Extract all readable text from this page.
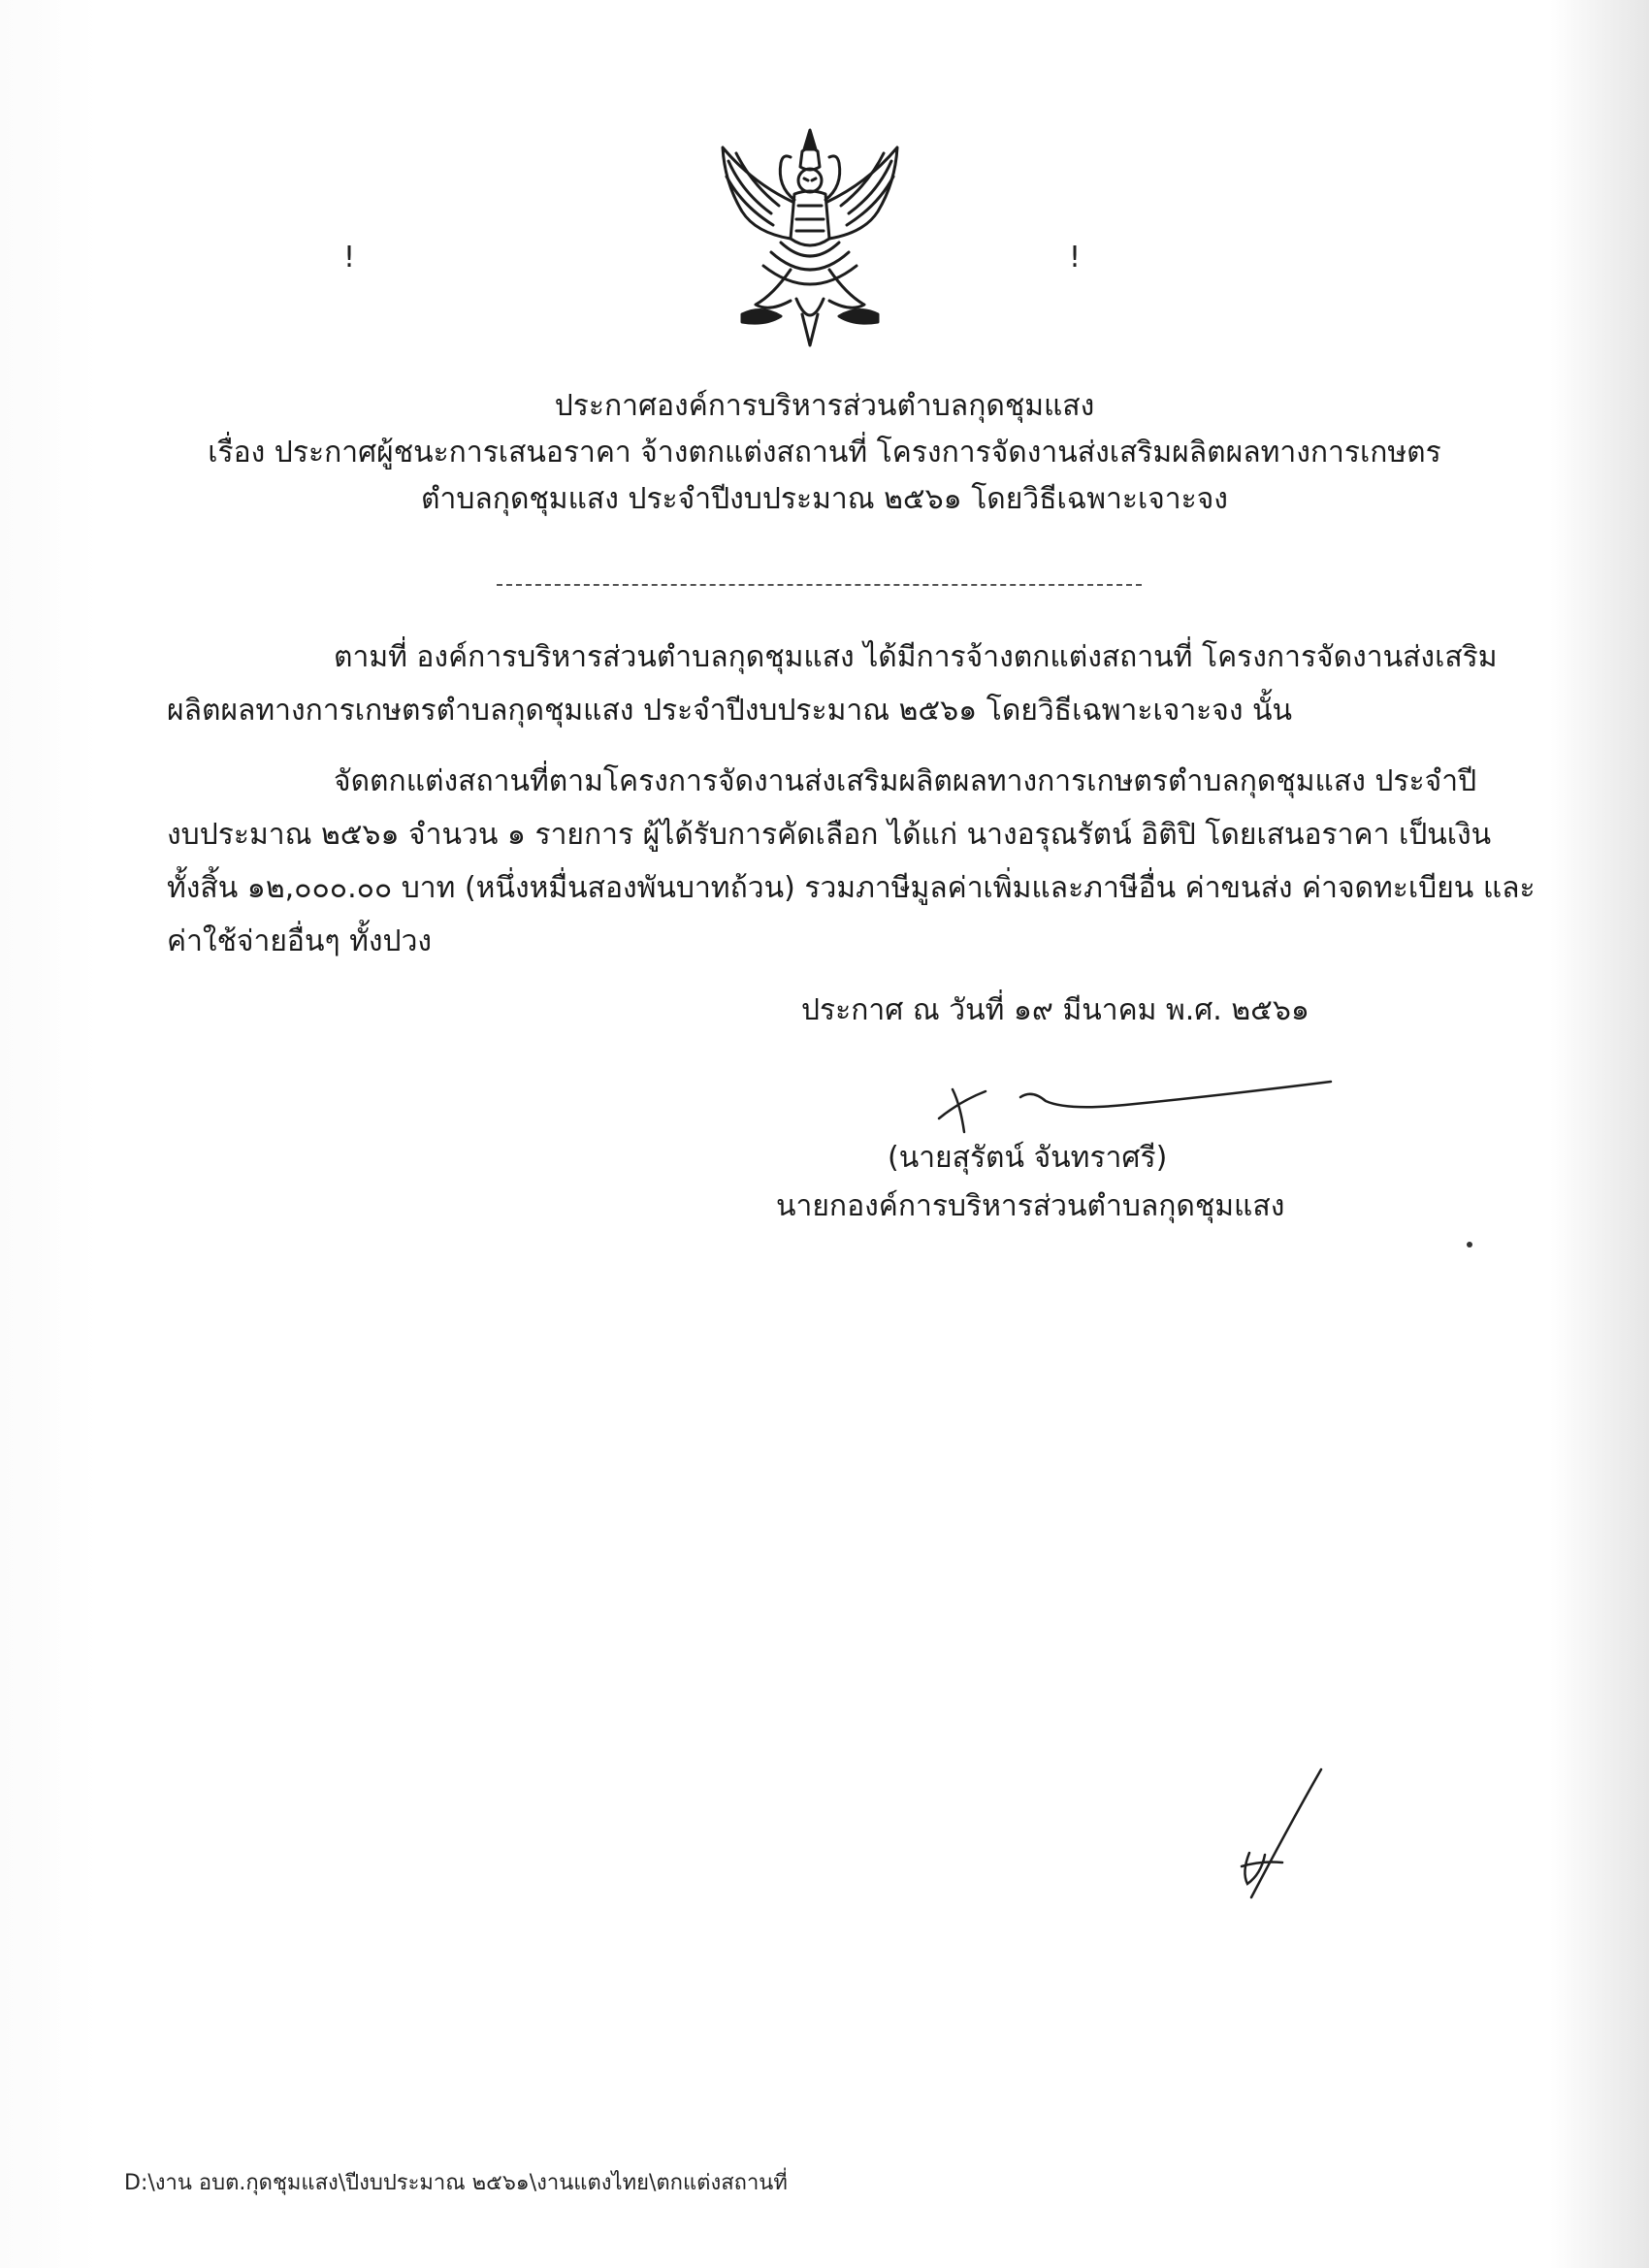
!	!
ประกาศองค์การบริหารส่วนตำบลกุดชุมแสง
เรื่อง ประกาศผู้ชนะการเสนอราคา จ้างตกแต่งสถานที่ โครงการจัดงานส่งเสริมผลิตผลทางการเกษตร
ตำบลกุดชุมแสง ประจำปีงบประมาณ ๒๕๖๑ โดยวิธีเฉพาะเจาะจง
ตามที่ องค์การบริหารส่วนตำบลกุดชุมแสง ได้มีการจ้างตกแต่งสถานที่ โครงการจัดงานส่งเสริม
ผลิตผลทางการเกษตรตำบลกุดชุมแสง ประจำปีงบประมาณ ๒๕๖๑ โดยวิธีเฉพาะเจาะจง นั้น
จัดตกแต่งสถานที่ตามโครงการจัดงานส่งเสริมผลิตผลทางการเกษตรตำบลกุดชุมแสง ประจำปี
งบประมาณ ๒๕๖๑ จำนวน ๑ รายการ ผู้ได้รับการคัดเลือก ได้แก่ นางอรุณรัตน์ อิติปิ โดยเสนอราคา เป็นเงิน
ทั้งสิ้น ๑๒,๐๐๐.๐๐ บาท (หนึ่งหมื่นสองพันบาทถ้วน) รวมภาษีมูลค่าเพิ่มและภาษีอื่น ค่าขนส่ง ค่าจดทะเบียน และ
ค่าใช้จ่ายอื่นๆ ทั้งปวง
ประกาศ ณ วันที่ ๑๙ มีนาคม พ.ศ. ๒๕๖๑
(นายสุรัตน์ จันทราศรี)
นายกองค์การบริหารส่วนตำบลกุดชุมแสง
D:\งาน อบต.กุดชุมแสง\ปีงบประมาณ ๒๕๖๑\งานแตงไทย\ตกแต่งสถานที่
